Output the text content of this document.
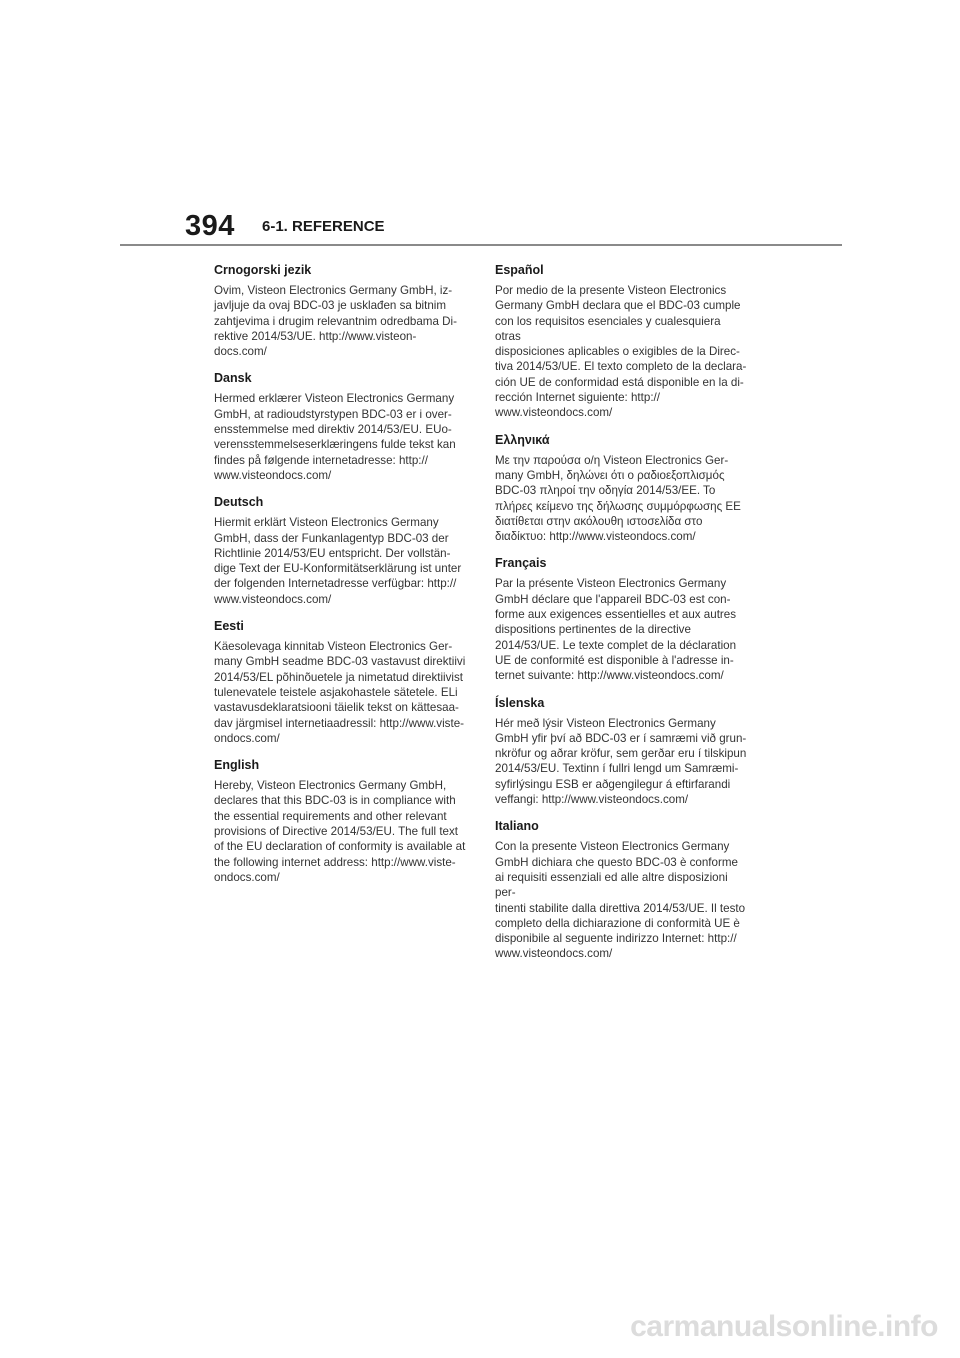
394 6-1. REFERENCE
Crnogorski jezik
Ovim, Visteon Electronics Germany GmbH, iz-
javljuje da ovaj BDC-03 je usklađen sa bitnim
zahtjevima i drugim relevantnim odredbama Di-
rektive 2014/53/UE. http://www.visteon-
docs.com/
Dansk
Hermed erklærer Visteon Electronics Germany
GmbH, at radioudstyrstypen BDC-03 er i over-
ensstemmelse med direktiv 2014/53/EU. EUo-
verensstemmelseserklæringens fulde tekst kan
findes på følgende internetadresse: http://
www.visteondocs.com/
Deutsch
Hiermit erklärt Visteon Electronics Germany
GmbH, dass der Funkanlagentyp BDC-03 der
Richtlinie 2014/53/EU entspricht. Der vollstän-
dige Text der EU-Konformitätserklärung ist unter
der folgenden Internetadresse verfügbar: http://
www.visteondocs.com/
Eesti
Käesolevaga kinnitab Visteon Electronics Ger-
many GmbH seadme BDC-03 vastavust direktiivi
2014/53/EL põhinõuetele ja nimetatud direktiivist
tulenevatele teistele asjakohastele sätetele. ELi
vastavusdeklaratsiooni täielik tekst on kättesaa-
dav järgmisel internetiaadressil: http://www.viste-
ondocs.com/
English
Hereby, Visteon Electronics Germany GmbH,
declares that this BDC-03 is in compliance with
the essential requirements and other relevant
provisions of Directive 2014/53/EU. The full text
of the EU declaration of conformity is available at
the following internet address: http://www.viste-
ondocs.com/
Español
Por medio de la presente Visteon Electronics
Germany GmbH declara que el BDC-03 cumple
con los requisitos esenciales y cualesquiera otras
disposiciones aplicables o exigibles de la Direc-
tiva 2014/53/UE. El texto completo de la declara-
ción UE de conformidad está disponible en la di-
rección Internet siguiente: http://
www.visteondocs.com/
Ελληνικά
Με την παρούσα ο/η Visteon Electronics Ger-
many GmbH, δηλώνει ότι ο ραδιοεξοπλισμός
BDC-03 πληροί την οδηγία 2014/53/ΕΕ. Το
πλήρες κείμενο της δήλωσης συμμόρφωσης ΕΕ
διατίθεται στην ακόλουθη ιστοσελίδα στο
διαδίκτυο: http://www.visteondocs.com/
Français
Par la présente Visteon Electronics Germany
GmbH déclare que l'appareil BDC-03 est con-
forme aux exigences essentielles et aux autres
dispositions pertinentes de la directive
2014/53/UE. Le texte complet de la déclaration
UE de conformité est disponible à l'adresse in-
ternet suivante: http://www.visteondocs.com/
Íslenska
Hér með lýsir Visteon Electronics Germany
GmbH yfir því að BDC-03 er í samræmi við grun-
nkröfur og aðrar kröfur, sem gerðar eru í tilskipun
2014/53/EU. Textinn í fullri lengd um Samræmi-
syfirlýsingu ESB er aðgengilegur á eftirfarandi
veffangi: http://www.visteondocs.com/
Italiano
Con la presente Visteon Electronics Germany
GmbH dichiara che questo BDC-03 è conforme
ai requisiti essenziali ed alle altre disposizioni per-
tinenti stabilite dalla direttiva 2014/53/UE. Il testo
completo della dichiarazione di conformità UE è
disponibile al seguente indirizzo Internet: http://
www.visteondocs.com/
carmanualsonline.info
